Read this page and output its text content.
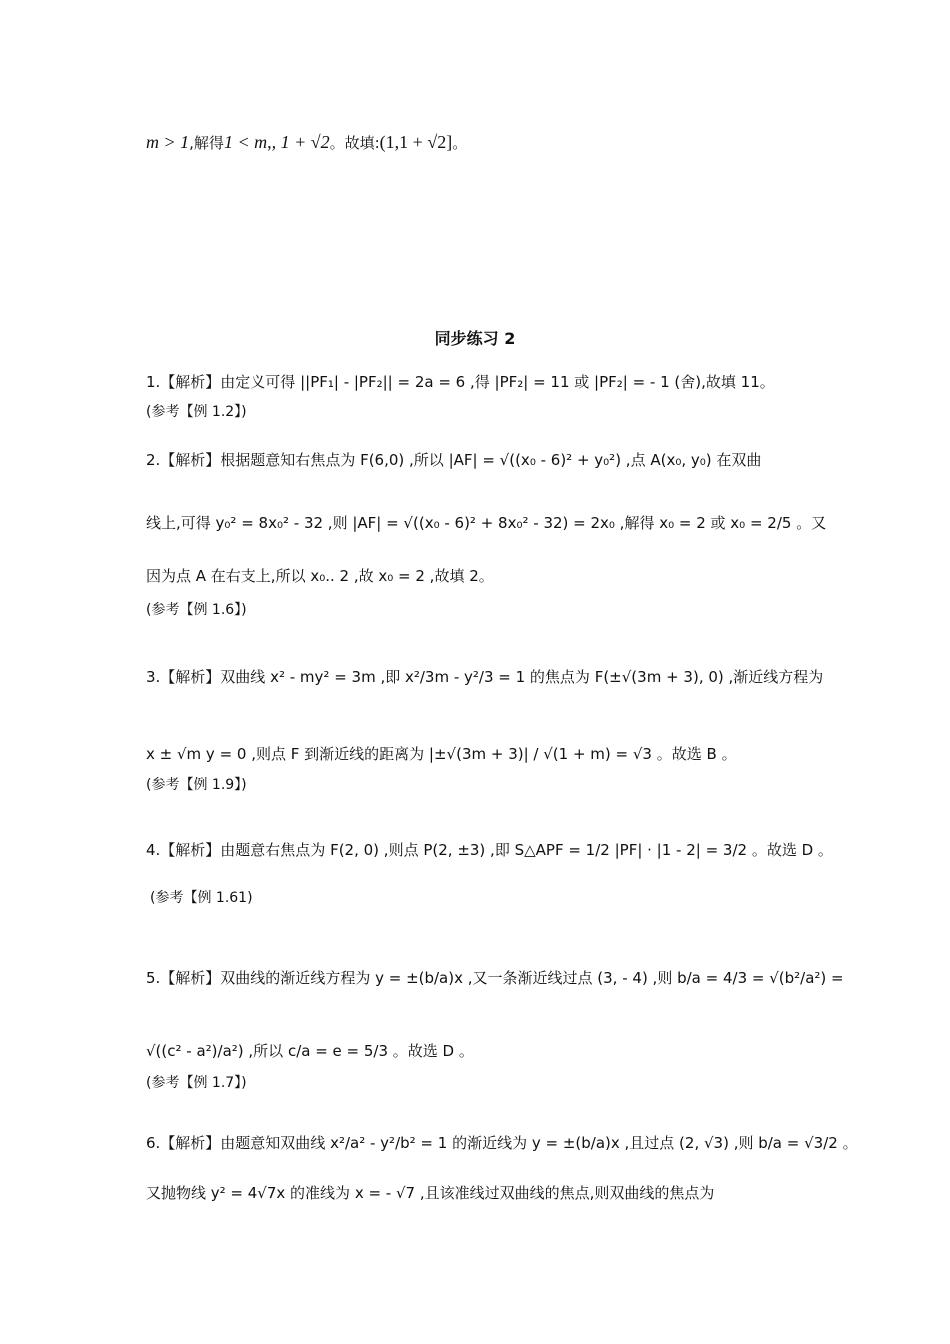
m > 1,解得1 < m,, 1 + √2。故填:(1,1 + √2]。
同步练习 2
1.【解析】由定义可得 ||PF₁| - |PF₂|| = 2a = 6 ,得 |PF₂| = 11 或 |PF₂| = - 1 (舍),故填 11。
(参考【例 1.2】)
2.【解析】根据题意知右焦点为 F(6,0) ,所以 |AF| = √((x₀ - 6)² + y₀²) ,点 A(x₀, y₀) 在双曲
线上,可得 y₀² = 8x₀² - 32 ,则 |AF| = √((x₀ - 6)² + 8x₀² - 32) = 2x₀ ,解得 x₀ = 2 或 x₀ = 2/5 。又
因为点 A 在右支上,所以 x₀.. 2 ,故 x₀ = 2 ,故填 2。
(参考【例 1.6】)
3.【解析】双曲线 x² - my² = 3m ,即 x²/3m - y²/3 = 1 的焦点为 F(±√(3m + 3), 0) ,渐近线方程为
x ± √m y = 0 ,则点 F 到渐近线的距离为 |±√(3m + 3)| / √(1 + m) = √3 。故选 B 。
(参考【例 1.9】)
4.【解析】由题意右焦点为 F(2, 0) ,则点 P(2, ±3) ,即 S△APF = 1/2 |PF| · |1 - 2| = 3/2 。故选 D 。
(参考【例 1.61)
5.【解析】双曲线的渐近线方程为 y = ±(b/a)x ,又一条渐近线过点 (3, - 4) ,则 b/a = 4/3 = √(b²/a²) =
√((c² - a²)/a²) ,所以 c/a = e = 5/3 。故选 D 。
(参考【例 1.7】)
6.【解析】由题意知双曲线 x²/a² - y²/b² = 1 的渐近线为 y = ±(b/a)x ,且过点 (2, √3) ,则 b/a = √3/2 。
又抛物线 y² = 4√7x 的准线为 x = - √7 ,且该准线过双曲线的焦点,则双曲线的焦点为
